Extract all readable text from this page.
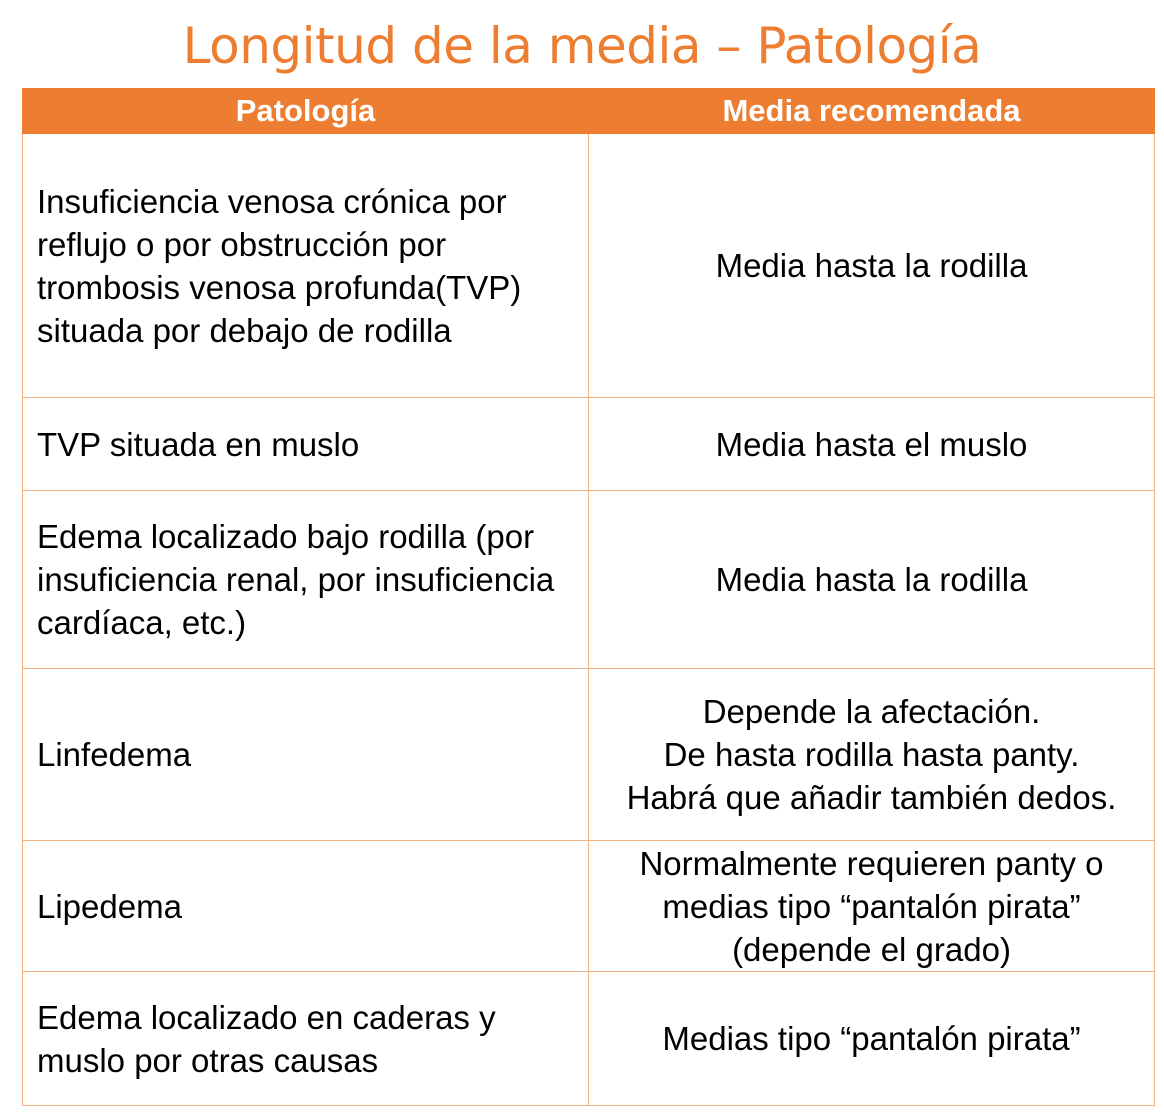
Longitud de la media – Patología
Patología	Media recomendada
Insuficiencia venosa crónica por reflujo o por obstrucción por trombosis venosa profunda(TVP) situada por debajo de rodilla	Media hasta la rodilla
TVP situada en muslo	Media hasta el muslo
Edema localizado bajo rodilla (por insuficiencia renal, por insuficiencia cardíaca, etc.)	Media hasta la rodilla
Linfedema	Depende la afectación.
De hasta rodilla hasta panty.
Habrá que añadir también dedos.
Lipedema	Normalmente requieren panty o medias tipo “pantalón pirata” (depende el grado)
Edema localizado en caderas y muslo por otras causas	Medias tipo “pantalón pirata”
